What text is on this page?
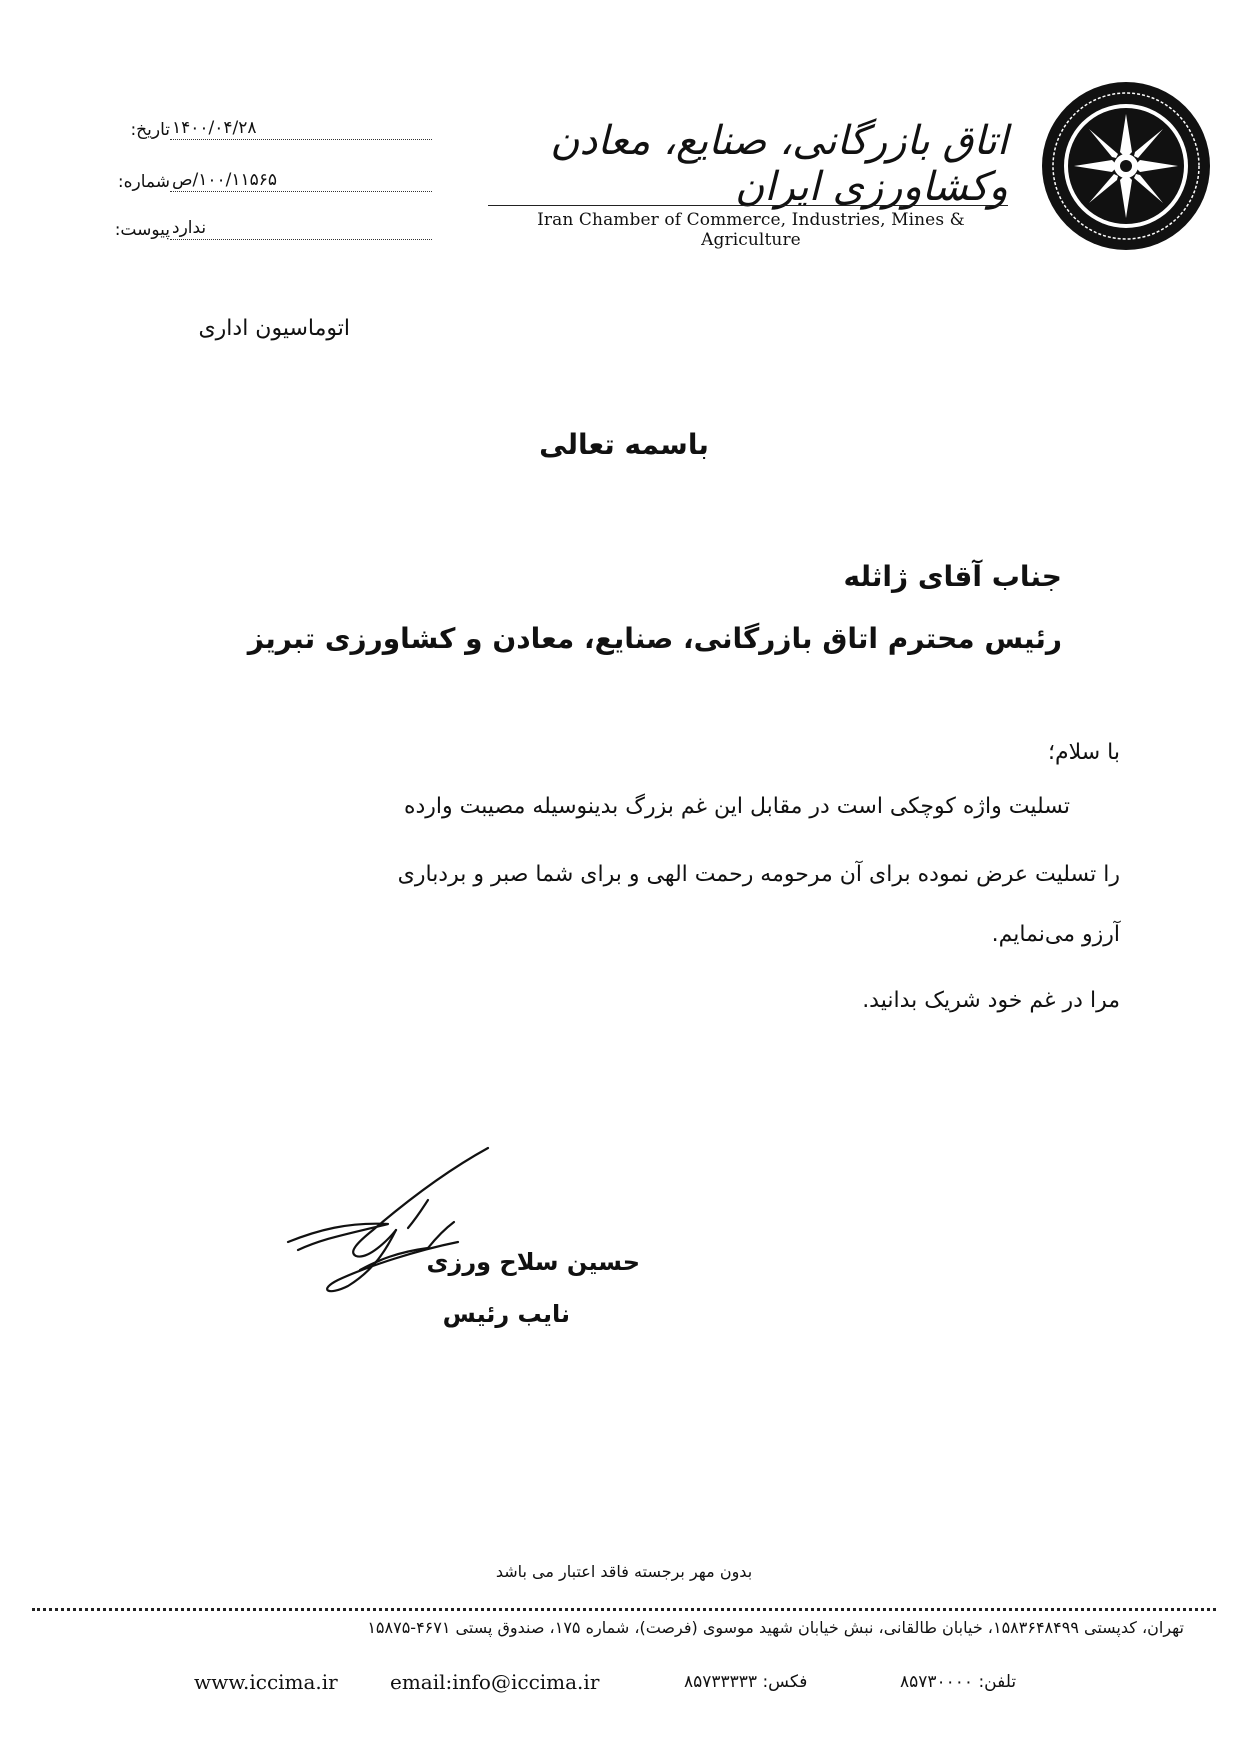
اتاق بازرگانی، صنایع، معادن وکشاورزی ایران
Iran Chamber of Commerce, Industries, Mines & Agriculture
تاریخ: ۱۴۰۰/۰۴/۲۸
شماره: ۱۰۰/۱۱۵۶۵/ص
پیوست: ندارد
اتوماسیون اداری
باسمه تعالی
جناب آقای ژاثله
رئیس محترم اتاق بازرگانی، صنایع، معادن و کشاورزی تبریز
با سلام؛
تسلیت واژه کوچکی است در مقابل این غم بزرگ بدینوسیله مصیبت وارده
را تسلیت عرض نموده برای آن مرحومه رحمت الهی و برای شما صبر و بردباری
آرزو می‌نمایم.
مرا در غم خود شریک بدانید.
حسین سلاح ورزی
نایب رئیس
بدون مهر برجسته فاقد اعتبار می باشد
تهران، کدپستی ۱۵۸۳۶۴۸۴۹۹، خیابان طالقانی، نبش خیابان شهید موسوی (فرصت)، شماره ۱۷۵، صندوق پستی ۴۶۷۱-۱۵۸۷۵
www.iccima.ir	email:info@iccima.ir	فکس: ۸۵۷۳۳۳۳۳	تلفن: ۸۵۷۳۰۰۰۰
